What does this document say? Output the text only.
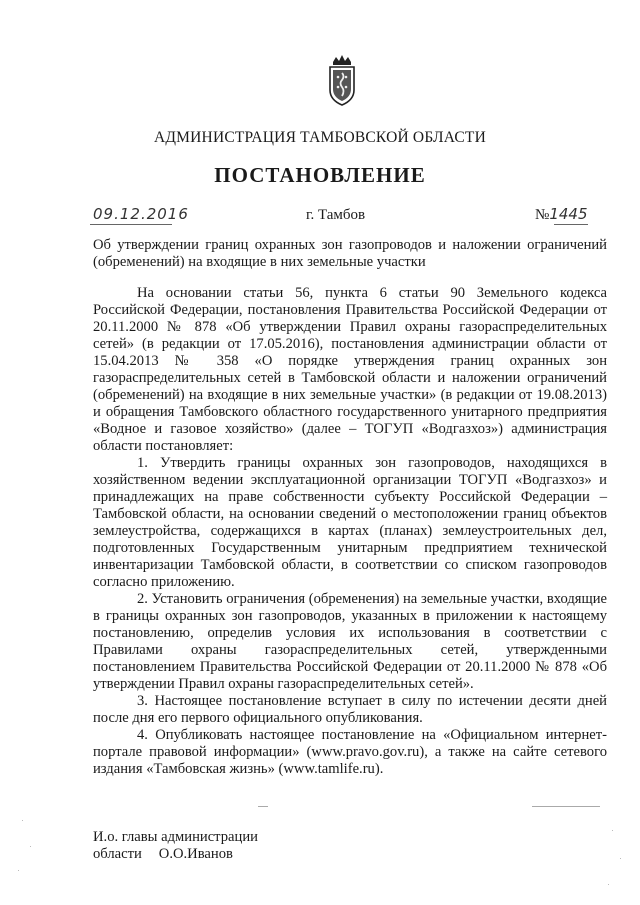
АДМИНИСТРАЦИЯ ТАМБОВСКОЙ ОБЛАСТИ
ПОСТАНОВЛЕНИЕ
09.12.2016	г. Тамбов	№1445
Об утверждении границ охранных зон газопроводов и наложении ограничений (обременений) на входящие в них земельные участки

На основании статьи 56, пункта 6 статьи 90 Земельного кодекса Российской Федерации, постановления Правительства Российской Федерации от 20.11.2000 № 878 «Об утверждении Правил охраны газораспределительных сетей» (в редакции от 17.05.2016), постановления администрации области от 15.04.2013 № 358 «О порядке утверждения границ охранных зон газораспределительных сетей в Тамбовской области и наложении ограничений (обременений) на входящие в них земельные участки» (в редакции от 19.08.2013) и обращения Тамбовского областного государственного унитарного предприятия «Водное и газовое хозяйство» (далее – ТОГУП «Водгазхоз») администрация области постановляет:

1. Утвердить границы охранных зон газопроводов, находящихся в хозяйственном ведении эксплуатационной организации ТОГУП «Водгазхоз» и принадлежащих на праве собственности субъекту Российской Федерации – Тамбовской области, на основании сведений о местоположении границ объектов землеустройства, содержащихся в картах (планах) землеустроительных дел, подготовленных Государственным унитарным предприятием технической инвентаризации Тамбовской области, в соответствии со списком газопроводов согласно приложению.

2. Установить ограничения (обременения) на земельные участки, входящие в границы охранных зон газопроводов, указанных в приложении к настоящему постановлению, определив условия их использования в соответствии с Правилами охраны газораспределительных сетей, утвержденными постановлением Правительства Российской Федерации от 20.11.2000 № 878 «Об утверждении Правил охраны газораспределительных сетей».

3. Настоящее постановление вступает в силу по истечении десяти дней после дня его первого официального опубликования.

4. Опубликовать настоящее постановление на «Официальном интернет-портале правовой информации» (www.pravo.gov.ru), а также на сайте сетевого издания «Тамбовская жизнь» (www.tamlife.ru).

И.о. главы администрации
области О.О.Иванов
